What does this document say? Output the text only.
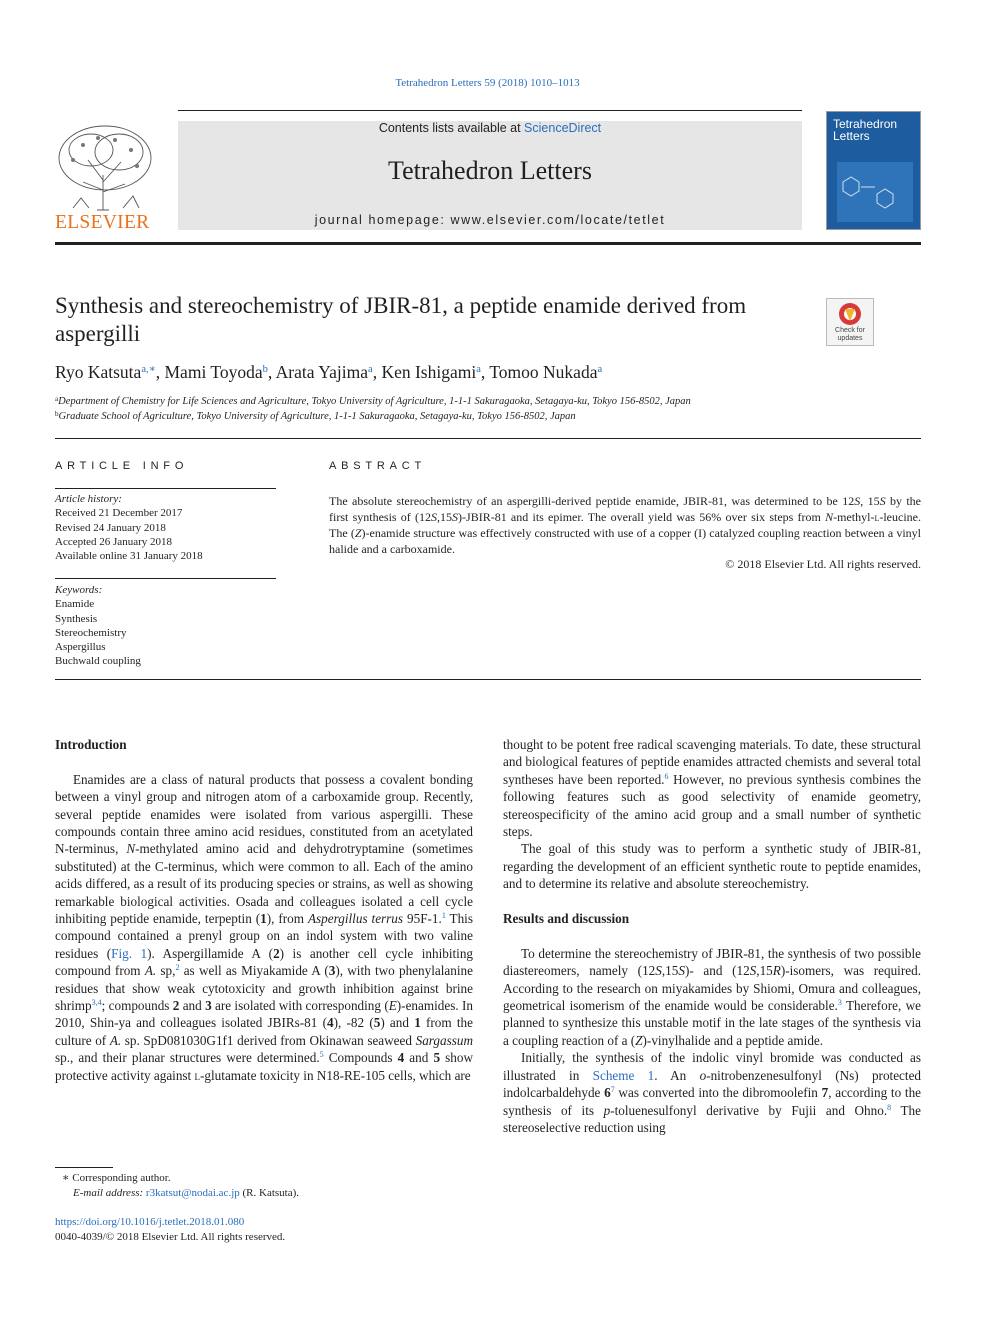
Tetrahedron Letters 59 (2018) 1010–1013
ELSEVIER
Contents lists available at ScienceDirect
Tetrahedron Letters
journal homepage: www.elsevier.com/locate/tetlet
Tetrahedron
Letters
Synthesis and stereochemistry of JBIR-81, a peptide enamide derived from aspergilli	Check for updates
Ryo Katsuta$^{a,∗}$, Mami Toyoda$^b$, Arata Yajima$^a$, Ken Ishigami$^a$, Tomoo Nukada$^a$
$^a$Department of Chemistry for Life Sciences and Agriculture, Tokyo University of Agriculture, 1-1-1 Sakuragaoka, Setagaya-ku, Tokyo 156-8502, Japan
$^b$Graduate School of Agriculture, Tokyo University of Agriculture, 1-1-1 Sakuragaoka, Setagaya-ku, Tokyo 156-8502, Japan
ARTICLE INFO	ABSTRACT
Article history:
Received 21 December 2017
Revised 24 January 2018
Accepted 26 January 2018
Available online 31 January 2018
Keywords:
Enamide
Synthesis
Stereochemistry
Aspergillus
Buchwald coupling
The absolute stereochemistry of an aspergilli-derived peptide enamide, JBIR-81, was determined to be 12S, 15S by the first synthesis of (12S,15S)-JBIR-81 and its epimer. The overall yield was 56% over six steps from N-methyl-l-leucine. The (Z)-enamide structure was effectively constructed with use of a copper (I) catalyzed coupling reaction between a vinyl halide and a carboxamide.
© 2018 Elsevier Ltd. All rights reserved.
Introduction

Enamides are a class of natural products that possess a covalent bonding between a vinyl group and nitrogen atom of a carboxamide group. Recently, several peptide enamides were isolated from various aspergilli. These compounds contain three amino acid residues, constituted from an acetylated N-terminus, N-methylated amino acid and dehydrotryptamine (sometimes substituted) at the C-terminus, which were common to all. Each of the amino acids differed, as a result of its producing species or strains, as well as showing remarkable biological activities. Osada and colleagues isolated a cell cycle inhibiting peptide enamide, terpeptin (1), from Aspergillus terrus 95F-1.$^1$ This compound contained a prenyl group on an indol system with two valine residues (Fig. 1). Aspergillamide A (2) is another cell cycle inhibiting compound from A. sp,$^2$ as well as Miyakamide A (3), with two phenylalanine residues that show weak cytotoxicity and growth inhibition against brine shrimp$^{3,4}$; compounds 2 and 3 are isolated with corresponding (E)-enamides. In 2010, Shin-ya and colleagues isolated JBIRs-81 (4), -82 (5) and 1 from the culture of A. sp. SpD081030G1f1 derived from Okinawan seaweed Sargassum sp., and their planar structures were determined.$^5$ Compounds 4 and 5 show protective activity against l-glutamate toxicity in N18-RE-105 cells, which are

thought to be potent free radical scavenging materials. To date, these structural and biological features of peptide enamides attracted chemists and several total syntheses have been reported.$^6$ However, no previous synthesis combines the following features such as good selectivity of enamide geometry, stereospecificity of the amino acid group and a small number of synthetic steps.

The goal of this study was to perform a synthetic study of JBIR-81, regarding the development of an efficient synthetic route to peptide enamides, and to determine its relative and absolute stereochemistry.

Results and discussion

To determine the stereochemistry of JBIR-81, the synthesis of two possible diastereomers, namely (12S,15S)- and (12S,15R)-isomers, was required. According to the research on miyakamides by Shiomi, Omura and colleagues, geometrical isomerism of the enamide would be considerable.$^3$ Therefore, we planned to synthesize this unstable motif in the late stages of the synthesis via a coupling reaction of a (Z)-vinylhalide and a peptide amide.

Initially, the synthesis of the indolic vinyl bromide was conducted as illustrated in Scheme 1. An o-nitrobenzenesulfonyl (Ns) protected indolcarbaldehyde $6^7$ was converted into the dibromoolefin 7, according to the synthesis of its p-toluenesulfonyl derivative by Fujii and Ohno.$^8$ The stereoselective reduction using

∗ Corresponding author.
E-mail address: r3katsut@nodai.ac.jp (R. Katsuta).
https://doi.org/10.1016/j.tetlet.2018.01.080
0040-4039/© 2018 Elsevier Ltd. All rights reserved.
